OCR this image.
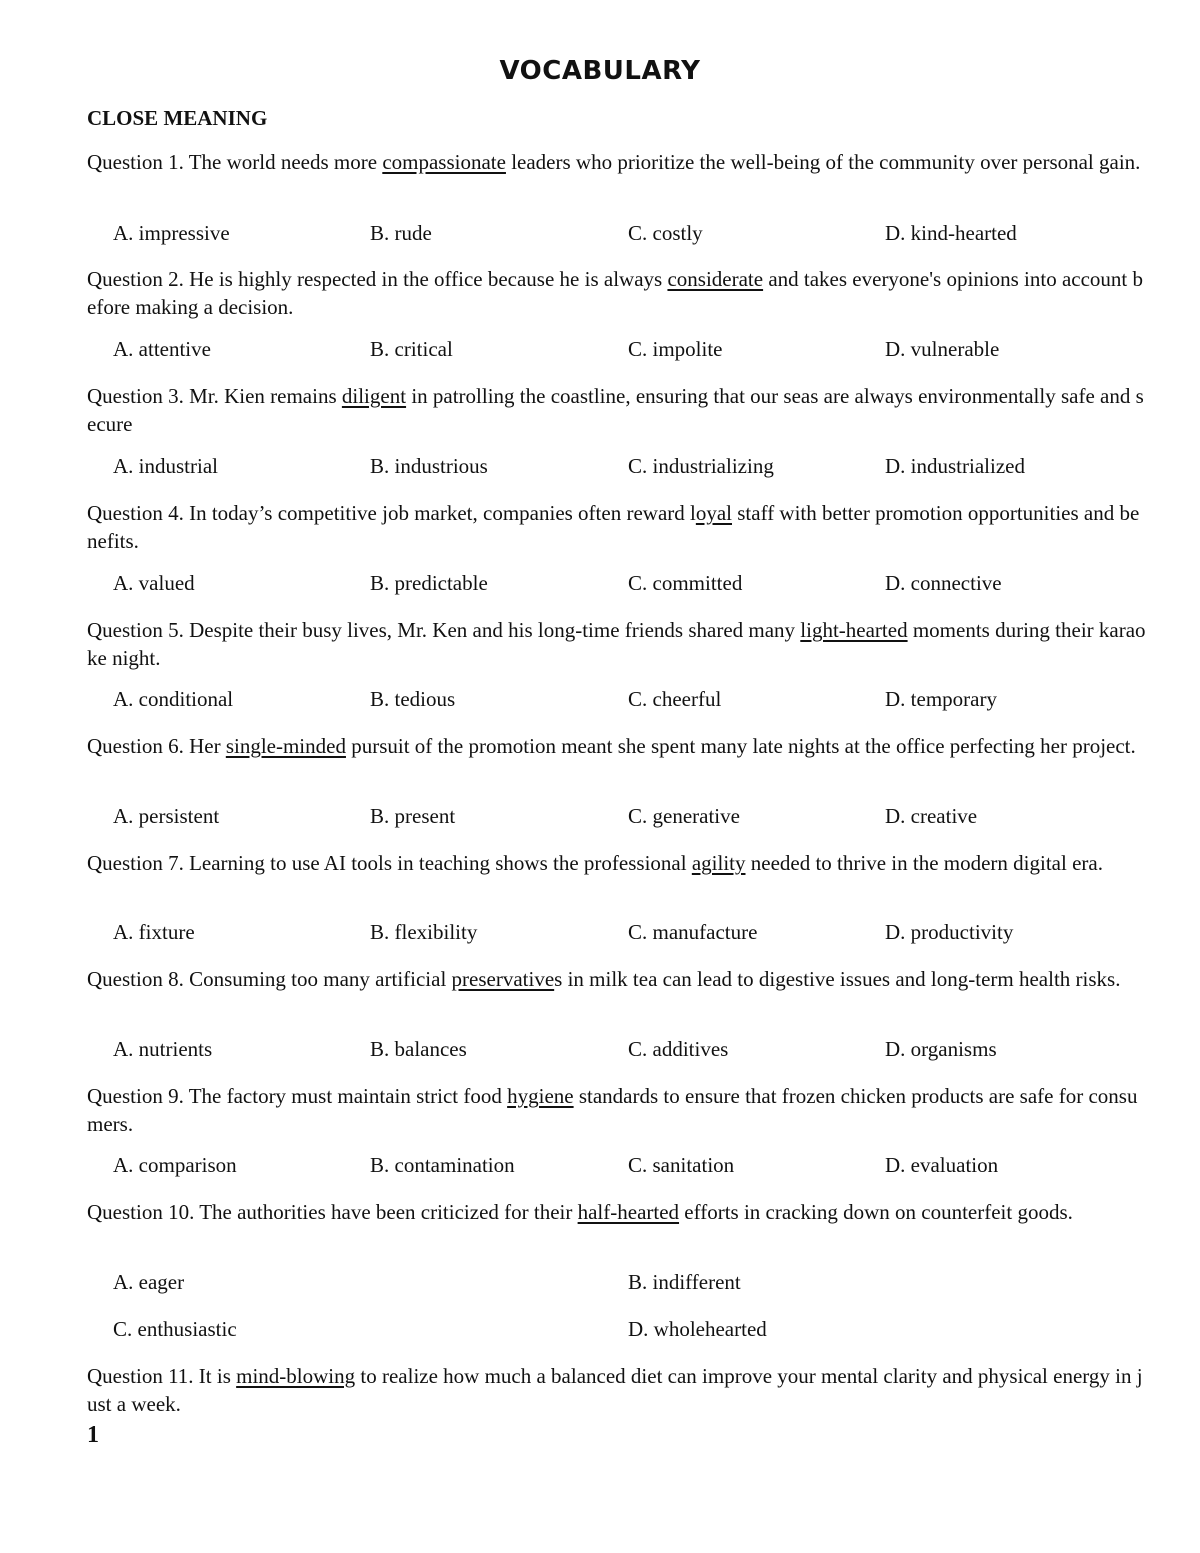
VOCABULARY
CLOSE MEANING
Question 1. The world needs more compassionate leaders who prioritize the well-being of the community over personal gain.
A. impressive	B. rude	C. costly	D. kind-hearted
Question 2. He is highly respected in the office because he is always considerate and takes everyone's opinions into account before making a decision.
A. attentive	B. critical	C. impolite	D. vulnerable
Question 3. Mr. Kien remains diligent in patrolling the coastline, ensuring that our seas are always environmentally safe and secure
A. industrial	B. industrious	C. industrializing	D. industrialized
Question 4. In today’s competitive job market, companies often reward loyal staff with better promotion opportunities and benefits.
A. valued	B. predictable	C. committed	D. connective
Question 5. Despite their busy lives, Mr. Ken and his long-time friends shared many light-hearted moments during their karaoke night.
A. conditional	B. tedious	C. cheerful	D. temporary
Question 6. Her single-minded pursuit of the promotion meant she spent many late nights at the office perfecting her project.
A. persistent	B. present	C. generative	D. creative
Question 7. Learning to use AI tools in teaching shows the professional agility needed to thrive in the modern digital era.
A. fixture	B. flexibility	C. manufacture	D. productivity
Question 8. Consuming too many artificial preservatives in milk tea can lead to digestive issues and long-term health risks.
A. nutrients	B. balances	C. additives	D. organisms
Question 9. The factory must maintain strict food hygiene standards to ensure that frozen chicken products are safe for consumers.
A. comparison	B. contamination	C. sanitation	D. evaluation
Question 10. The authorities have been criticized for their half-hearted efforts in cracking down on counterfeit goods.
A. eager	B. indifferent
C. enthusiastic	D. wholehearted
Question 11. It is mind-blowing to realize how much a balanced diet can improve your mental clarity and physical energy in just a week.
1
